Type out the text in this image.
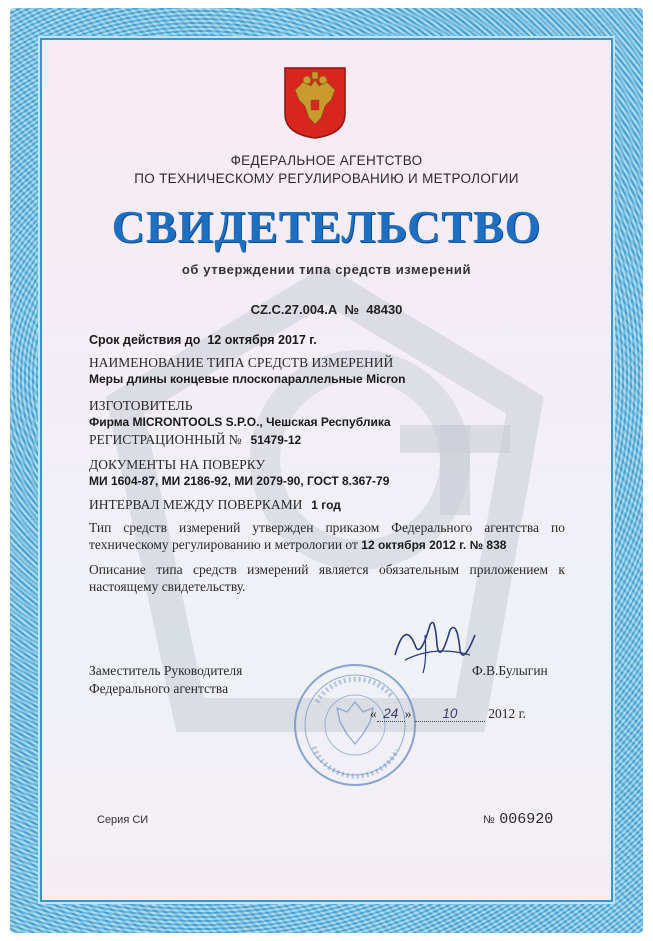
ФЕДЕРАЛЬНОЕ АГЕНТСТВО
ПО ТЕХНИЧЕСКОМУ РЕГУЛИРОВАНИЮ И МЕТРОЛОГИИ
СВИДЕТЕЛЬСТВО
об утверждении типа средств измерений
CZ.C.27.004.A № 48430
Срок действия до 12 октября 2017 г.
НАИМЕНОВАНИЕ ТИПА СРЕДСТВ ИЗМЕРЕНИЙ
Меры длины концевые плоскопараллельные Micron
ИЗГОТОВИТЕЛЬ
Фирма MICRONTOOLS S.P.O., Чешская Республика
РЕГИСТРАЦИОННЫЙ № 51479-12
ДОКУМЕНТЫ НА ПОВЕРКУ
МИ 1604-87, МИ 2186-92, МИ 2079-90, ГОСТ 8.367-79
ИНТЕРВАЛ МЕЖДУ ПОВЕРКАМИ 1 год
Тип средств измерений утвержден приказом Федерального агентства по техническому регулированию и метрологии от 12 октября 2012 г. № 838
Описание типа средств измерений является обязательным приложением к настоящему свидетельству.
Заместитель Руководителя
Федерального агентства
Ф.В.Булыгин
« 24 » 10 2012 г.
Серия СИ	№ 006920
